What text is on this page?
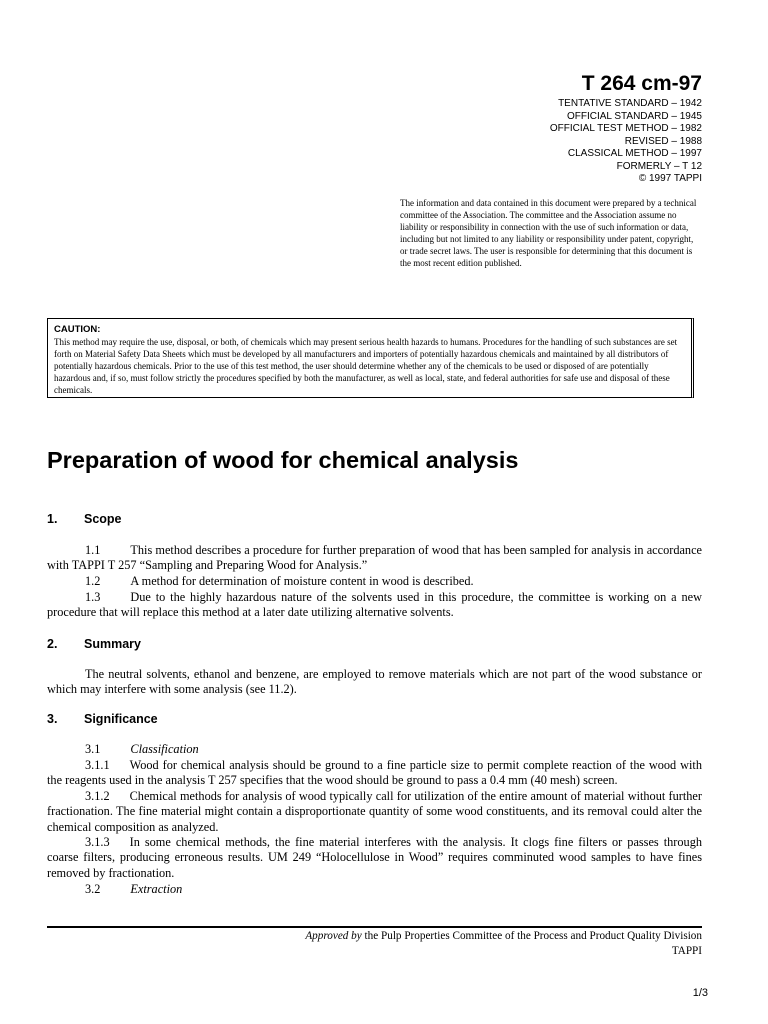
T 264 cm-97
TENTATIVE STANDARD – 1942
OFFICIAL STANDARD – 1945
OFFICIAL TEST METHOD – 1982
REVISED – 1988
CLASSICAL METHOD – 1997
FORMERLY – T 12
© 1997 TAPPI
The information and data contained in this document were prepared by a technical committee of the Association. The committee and the Association assume no liability or responsibility in connection with the use of such information or data, including but not limited to any liability or responsibility under patent, copyright, or trade secret laws. The user is responsible for determining that this document is the most recent edition published.
CAUTION:
This method may require the use, disposal, or both, of chemicals which may present serious health hazards to humans. Procedures for the handling of such substances are set forth on Material Safety Data Sheets which must be developed by all manufacturers and importers of potentially hazardous chemicals and maintained by all distributors of potentially hazardous chemicals. Prior to the use of this test method, the user should determine whether any of the chemicals to be used or disposed of are potentially hazardous and, if so, must follow strictly the procedures specified by both the manufacturer, as well as local, state, and federal authorities for safe use and disposal of these chemicals.
Preparation of wood for chemical analysis
1. Scope
1.1 This method describes a procedure for further preparation of wood that has been sampled for analysis in accordance with TAPPI T 257 “Sampling and Preparing Wood for Analysis.”
1.2 A method for determination of moisture content in wood is described.
1.3 Due to the highly hazardous nature of the solvents used in this procedure, the committee is working on a new procedure that will replace this method at a later date utilizing alternative solvents.
2. Summary
The neutral solvents, ethanol and benzene, are employed to remove materials which are not part of the wood substance or which may interfere with some analysis (see 11.2).
3. Significance
3.1 Classification
3.1.1 Wood for chemical analysis should be ground to a fine particle size to permit complete reaction of the wood with the reagents used in the analysis T 257 specifies that the wood should be ground to pass a 0.4 mm (40 mesh) screen.
3.1.2 Chemical methods for analysis of wood typically call for utilization of the entire amount of material without further fractionation. The fine material might contain a disproportionate quantity of some wood constituents, and its removal could alter the chemical composition as analyzed.
3.1.3 In some chemical methods, the fine material interferes with the analysis. It clogs fine filters or passes through coarse filters, producing erroneous results. UM 249 “Holocellulose in Wood” requires comminuted wood samples to have fines removed by fractionation.
3.2 Extraction
Approved by the Pulp Properties Committee of the Process and Product Quality Division
TAPPI
1/3
